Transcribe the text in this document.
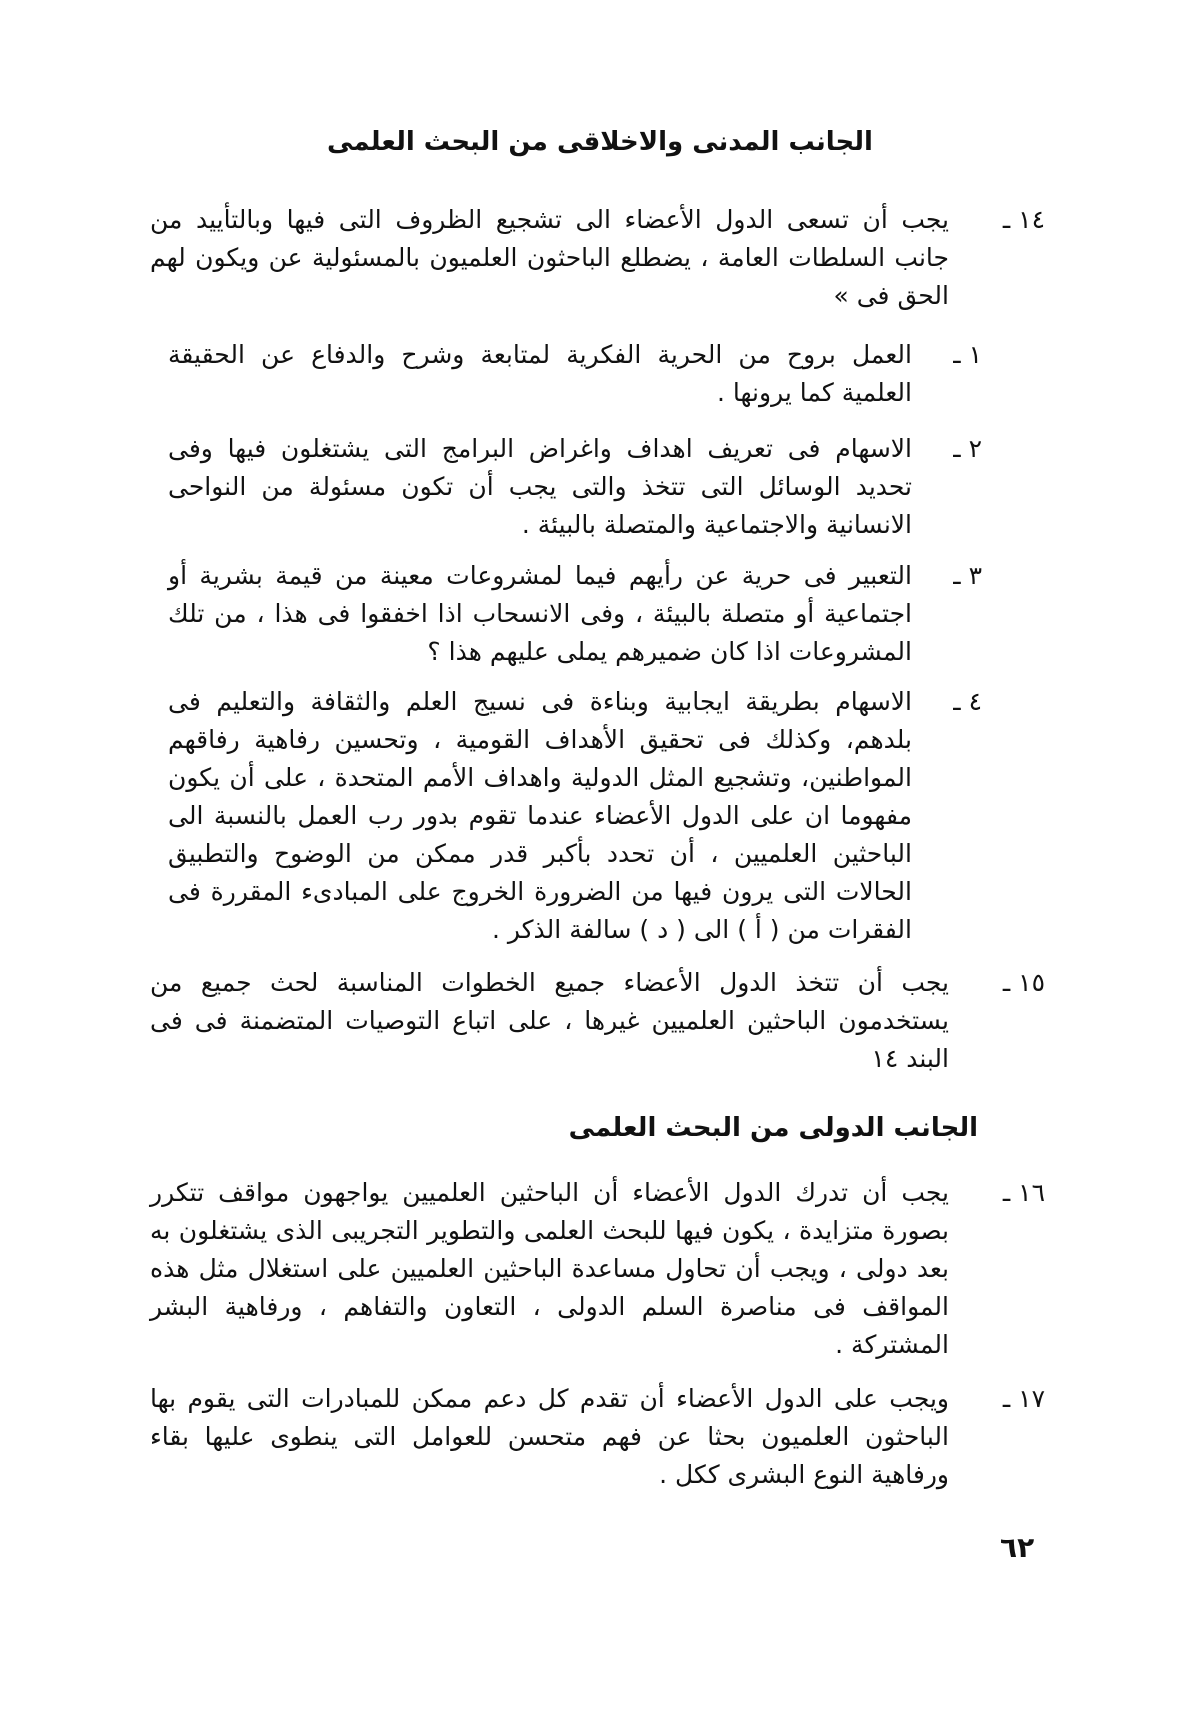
الجانب المدنى والاخلاقى من البحث العلمى
١٤ ـ
يجب أن تسعى الدول الأعضاء الى تشجيع الظروف التى فيها وبالتأييد من جانب السلطات العامة ، يضطلع الباحثون العلميون بالمسئولية عن ويكون لهم الحق فى »
١ ـ
العمل بروح من الحرية الفكرية لمتابعة وشرح والدفاع عن الحقيقة العلمية كما يرونها .
٢ ـ
الاسهام فى تعريف اهداف واغراض البرامج التى يشتغلون فيها وفى تحديد الوسائل التى تتخذ والتى يجب أن تكون مسئولة من النواحى الانسانية والاجتماعية والمتصلة بالبيئة .
٣ ـ
التعبير فى حرية عن رأيهم فيما لمشروعات معينة من قيمة بشرية أو اجتماعية أو متصلة بالبيئة ، وفى الانسحاب اذا اخفقوا فى هذا ، من تلك المشروعات اذا كان ضميرهم يملى عليهم هذا ؟
٤ ـ
الاسهام بطريقة ايجابية وبناءة فى نسيج العلم والثقافة والتعليم فى بلدهم، وكذلك فى تحقيق الأهداف القومية ، وتحسين رفاهية رفاقهم المواطنين، وتشجيع المثل الدولية واهداف الأمم المتحدة ، على أن يكون مفهوما ان على الدول الأعضاء عندما تقوم بدور رب العمل بالنسبة الى الباحثين العلميين ، أن تحدد بأكبر قدر ممكن من الوضوح والتطبيق الحالات التى يرون فيها من الضرورة الخروج على المبادىء المقررة فى الفقرات من ( أ ) الى ( د ) سالفة الذكر .
١٥ ـ
يجب أن تتخذ الدول الأعضاء جميع الخطوات المناسبة لحث جميع من يستخدمون الباحثين العلميين غيرها ، على اتباع التوصيات المتضمنة فى فى البند ١٤
الجانب الدولى من البحث العلمى
١٦ ـ
يجب أن تدرك الدول الأعضاء أن الباحثين العلميين يواجهون مواقف تتكرر بصورة متزايدة ، يكون فيها للبحث العلمى والتطوير التجريبى الذى يشتغلون به بعد دولى ، ويجب أن تحاول مساعدة الباحثين العلميين على استغلال مثل هذه المواقف فى مناصرة السلم الدولى ، التعاون والتفاهم ، ورفاهية البشر المشتركة .
١٧ ـ
ويجب على الدول الأعضاء أن تقدم كل دعم ممكن للمبادرات التى يقوم بها الباحثون العلميون بحثا عن فهم متحسن للعوامل التى ينطوى عليها بقاء ورفاهية النوع البشرى ككل .
٦٢
